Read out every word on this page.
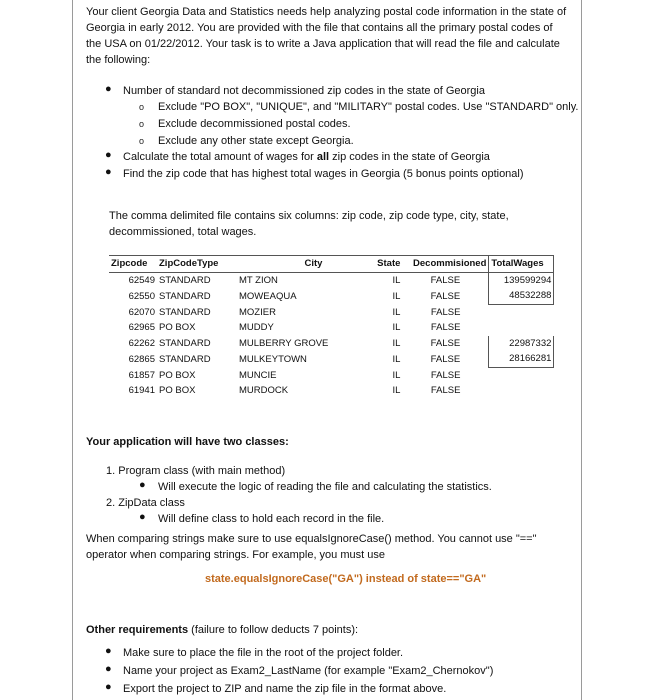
Your client Georgia Data and Statistics needs help analyzing postal code information in the state of Georgia in early 2012. You are provided with the file that contains all the primary postal codes of the USA on 01/22/2012. Your task is to write a Java application that will read the file and calculate the following:
● Number of standard not decommissioned zip codes in the state of Georgia
o Exclude "PO BOX", "UNIQUE", and "MILITARY" postal codes. Use "STANDARD" only.
o Exclude decommissioned postal codes.
o Exclude any other state except Georgia.
● Calculate the total amount of wages for all zip codes in the state of Georgia
● Find the zip code that has highest total wages in Georgia (5 bonus points optional)
The comma delimited file contains six columns: zip code, zip code type, city, state, decommissioned, total wages.
Zipcode	ZipCodeType	City	State	Decommisioned	TotalWages
62549	STANDARD	MT ZION	IL	FALSE	139599294
62550	STANDARD	MOWEAQUA	IL	FALSE	48532288
62070	STANDARD	MOZIER	IL	FALSE	
62965	PO BOX	MUDDY	IL	FALSE	
62262	STANDARD	MULBERRY GROVE	IL	FALSE	22987332
62865	STANDARD	MULKEYTOWN	IL	FALSE	28166281
61857	PO BOX	MUNCIE	IL	FALSE	
61941	PO BOX	MURDOCK	IL	FALSE	
Your application will have two classes:
1. Program class (with main method)
● Will execute the logic of reading the file and calculating the statistics.
2. ZipData class
● Will define class to hold each record in the file.
When comparing strings make sure to use equalsIgnoreCase() method. You cannot use "==" operator when comparing strings. For example, you must use
state.equalsIgnoreCase("GA") instead of state=="GA"
Other requirements (failure to follow deducts 7 points):
● Make sure to place the file in the root of the project folder.
● Name your project as Exam2_LastName (for example "Exam2_Chernokov")
● Export the project to ZIP and name the zip file in the format above.
